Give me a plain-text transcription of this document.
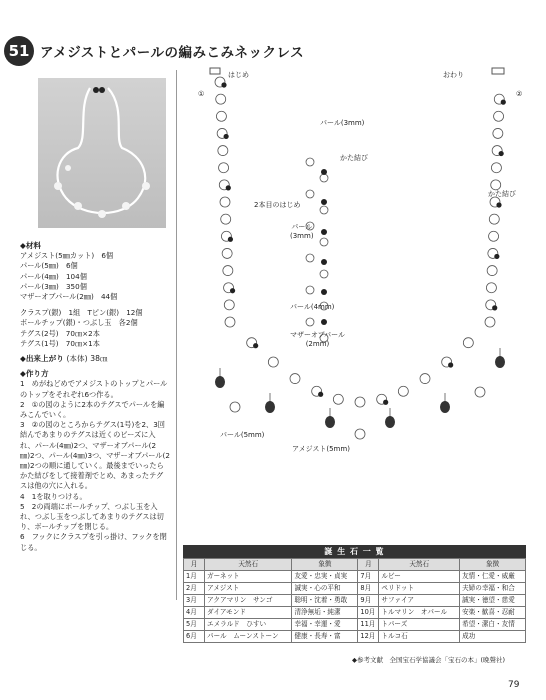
51 アメジストとパールの編みこみネックレス

◆材料

アメジスト(5㎜カット)　6個

パール(5㎜)　6個

パール(4㎜)　104個

パール(3㎜)　350個

マザーオブパール(2㎜)　44個

クラスプ(銀)　1組　Tピン(銀)　12個

ボールチップ(銀)・つぶし玉　各2個

テグス(2号)　70㎝×2本

テグス(1号)　70㎝×1本

◆出来上がり (本体) 38㎝

◆作り方

1　めがねどめでアメジストのトップとパールのトップをそれぞれ6つ作る。

2　①の図のように2本のテグスでパールを編みこんでいく。

3　②の図のところからテグス(1号)を2、3回結んであまりのテグスは近くのビーズに入れ、パール(4㎜)2つ、マザーオブパール(2㎜)2つ、パール(4㎜)3つ、マザーオブパール(2㎜)2つの順に通していく。最後までいったらかた結びをして接着剤でとめ、あまったテグスは他の穴に入れる。

4　1を取りつける。

5　2の両端にボールチップ、つぶし玉を入れ、つぶし玉をつぶしてあまりのテグスは切り、ボールチップを閉じる。

6　フックにクラスプを引っ掛け、フックを閉じる。

はじめ	おわり
①	②
パール(3mm)
かた結び
かた結び
2本目のはじめ
パール
(3mm)
パール(4mm)
マザーオブパール
(2mm)
パール(5mm)
アメジスト(5mm)
誕 生 石 一 覧
月	天然石	象徴	月	天然石	象徴
1月	ガーネット	友愛・忠実・貞実	7月	ルビー	友情・仁愛・威厳
2月	アメジスト	誠実・心の平和	8月	ペリドット	夫婦の幸福・和合
3月	アクアマリン　サンゴ	聡明・沈着・勇敢	9月	サファイア	誠実・徳望・慈愛
4月	ダイアモンド	清浄無垢・純潔	10月	トルマリン　オパール	安楽・歓喜・忍耐
5月	エメラルド　ひすい	幸福・幸運・愛	11月	トパーズ	希望・潔白・友情
6月	パール　ムーンストーン	健康・長寿・富	12月	トルコ石	成功
◆参考文献　全国宝石学協議会「宝石の本」(晩聲社)
79
